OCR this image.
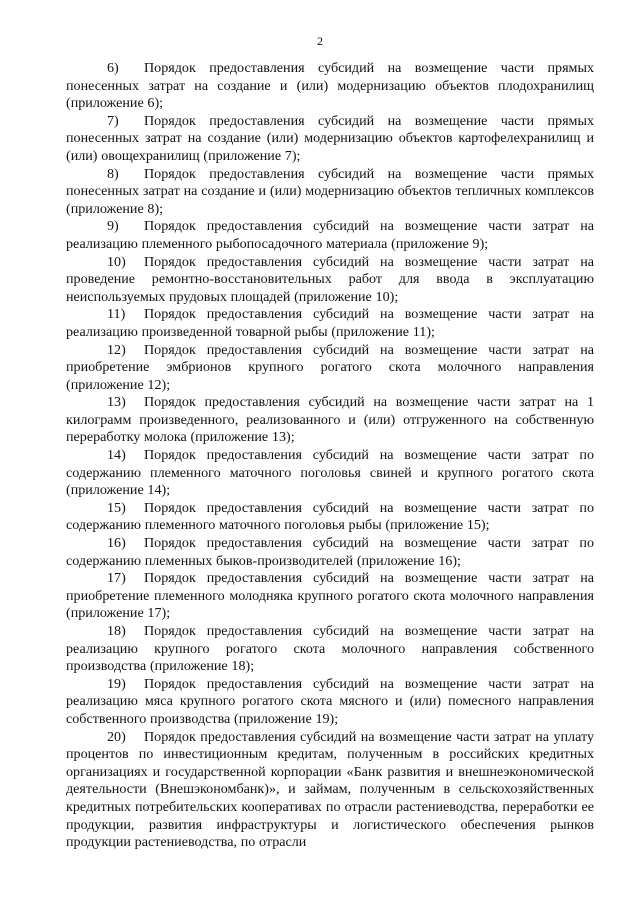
2

6) Порядок предоставления субсидий на возмещение части прямых понесенных затрат на создание и (или) модернизацию объектов плодохранилищ (приложение 6);

7) Порядок предоставления субсидий на возмещение части прямых понесенных затрат на создание (или) модернизацию объектов картофелехранилищ и (или) овощехранилищ (приложение 7);

8) Порядок предоставления субсидий на возмещение части прямых понесенных затрат на создание и (или) модернизацию объектов тепличных комплексов (приложение 8);

9) Порядок предоставления субсидий на возмещение части затрат на реализацию племенного рыбопосадочного материала (приложение 9);

10) Порядок предоставления субсидий на возмещение части затрат на проведение ремонтно-восстановительных работ для ввода в эксплуатацию неиспользуемых прудовых площадей (приложение 10);

11) Порядок предоставления субсидий на возмещение части затрат на реализацию произведенной товарной рыбы (приложение 11);

12) Порядок предоставления субсидий на возмещение части затрат на приобретение эмбрионов крупного рогатого скота молочного направления (приложение 12);

13) Порядок предоставления субсидий на возмещение части затрат на 1 килограмм произведенного, реализованного и (или) отгруженного на собственную переработку молока (приложение 13);

14) Порядок предоставления субсидий на возмещение части затрат по содержанию племенного маточного поголовья свиней и крупного рогатого скота (приложение 14);

15) Порядок предоставления субсидий на возмещение части затрат по содержанию племенного маточного поголовья рыбы (приложение 15);

16) Порядок предоставления субсидий на возмещение части затрат по содержанию племенных быков-производителей (приложение 16);

17) Порядок предоставления субсидий на возмещение части затрат на приобретение племенного молодняка крупного рогатого скота молочного направления (приложение 17);

18) Порядок предоставления субсидий на возмещение части затрат на реализацию крупного рогатого скота молочного направления собственного производства (приложение 18);

19) Порядок предоставления субсидий на возмещение части затрат на реализацию мяса крупного рогатого скота мясного и (или) помесного направления собственного производства (приложение 19);

20) Порядок предоставления субсидий на возмещение части затрат на уплату процентов по инвестиционным кредитам, полученным в российских кредитных организациях и государственной корпорации «Банк развития и внешнеэкономической деятельности (Внешэкономбанк)», и займам, полученным в сельскохозяйственных кредитных потребительских кооперативах по отрасли растениеводства, переработки ее продукции, развития инфраструктуры и логистического обеспечения рынков продукции растениеводства, по отрасли
